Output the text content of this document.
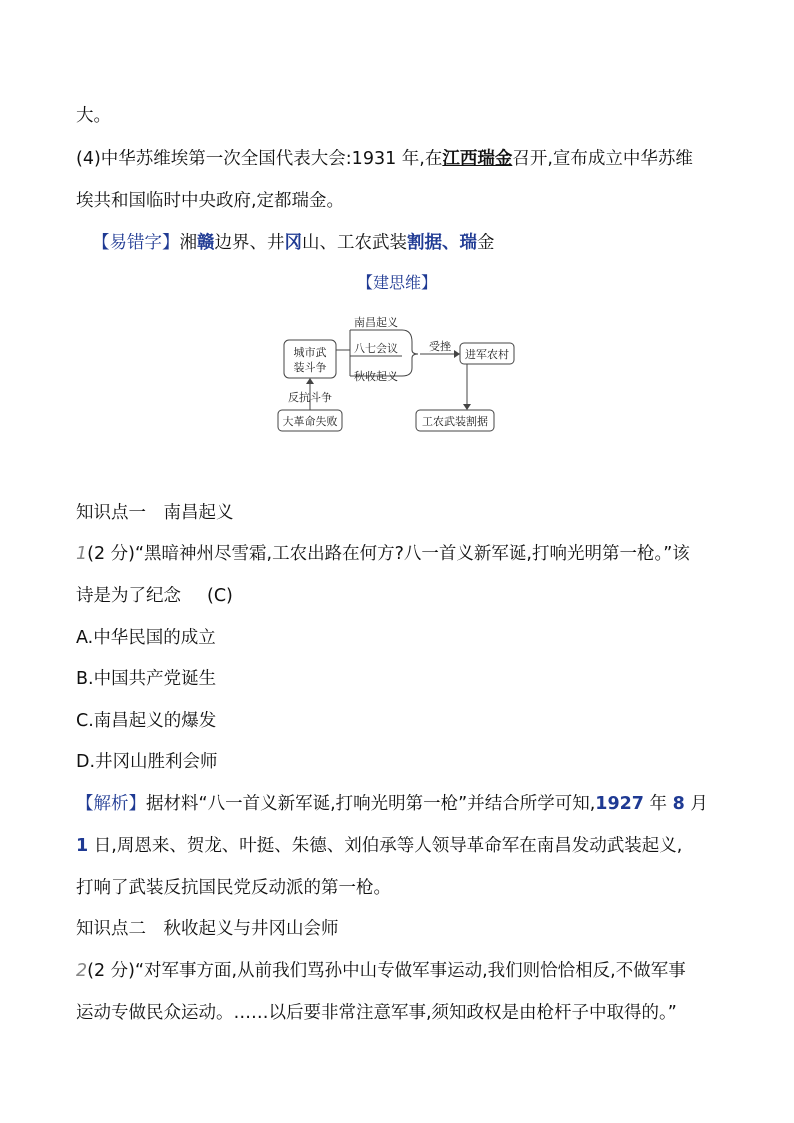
大。
(4)中华苏维埃第一次全国代表大会:1931 年,在江西瑞金召开,宣布成立中华苏维
埃共和国临时中央政府,定都瑞金。
【易错字】湘赣边界、井冈山、工农武装割据、瑞金
【建思维】
城市武
装斗争
南昌起义
八七会议
秋收起义
受挫
进军农村
工农武装割据
大革命失败
反抗斗争
知识点一　南昌起义
1(2 分)“黑暗神州尽雪霜,工农出路在何方?八一首义新军诞,打响光明第一枪。”该
诗是为了纪念 (C)
A.中华民国的成立
B.中国共产党诞生
C.南昌起义的爆发
D.井冈山胜利会师
【解析】据材料“八一首义新军诞,打响光明第一枪”并结合所学可知,1927 年 8 月
1 日,周恩来、贺龙、叶挺、朱德、刘伯承等人领导革命军在南昌发动武装起义,
打响了武装反抗国民党反动派的第一枪。
知识点二　秋收起义与井冈山会师
2(2 分)“对军事方面,从前我们骂孙中山专做军事运动,我们则恰恰相反,不做军事
运动专做民众运动。……以后要非常注意军事,须知政权是由枪杆子中取得的。”
